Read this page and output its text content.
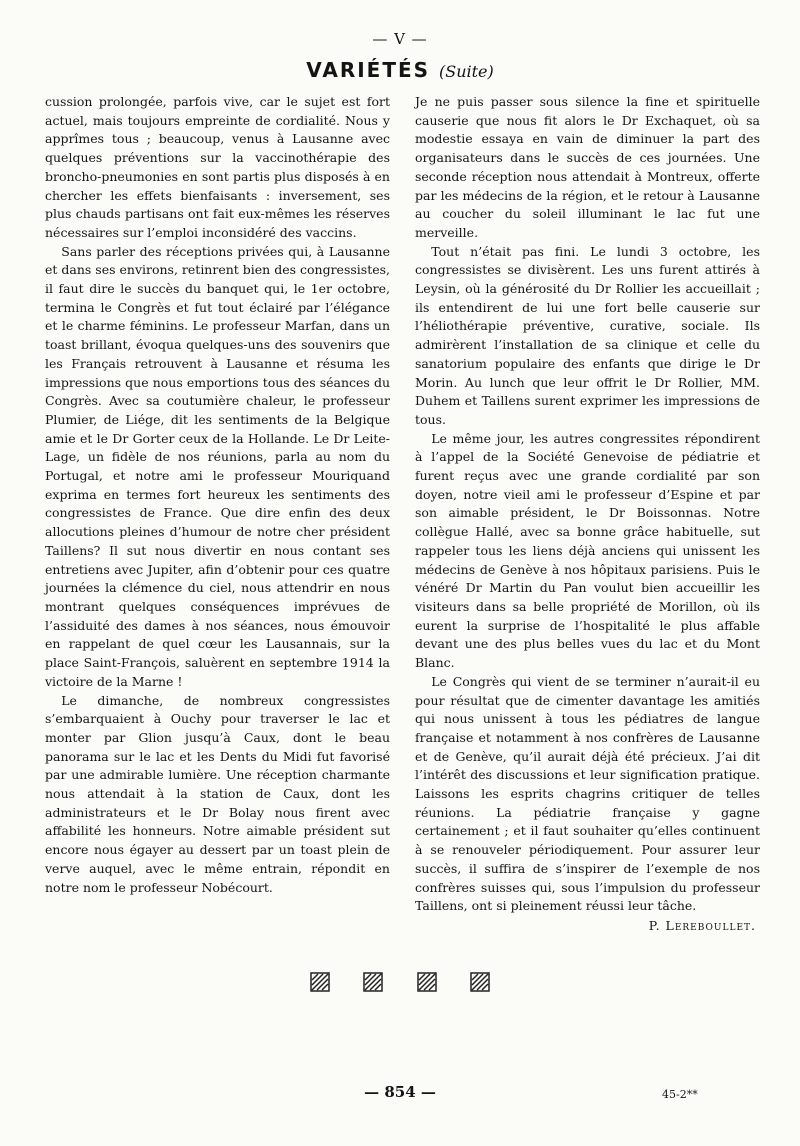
— V —
VARIÉTÉS (Suite)

cussion prolongée, parfois vive, car le sujet est fort actuel, mais toujours empreinte de cordialité. Nous y apprîmes tous ; beaucoup, venus à Lausanne avec quelques préventions sur la vaccinothérapie des broncho-pneumonies en sont partis plus disposés à en chercher les effets bienfaisants : inversement, ses plus chauds partisans ont fait eux-mêmes les réserves nécessaires sur l’emploi inconsidéré des vaccins.

Sans parler des réceptions privées qui, à Lausanne et dans ses environs, retinrent bien des congressistes, il faut dire le succès du banquet qui, le 1er octobre, termina le Congrès et fut tout éclairé par l’élégance et le charme féminins. Le professeur Marfan, dans un toast brillant, évoqua quelques-uns des souvenirs que les Français retrouvent à Lausanne et résuma les impressions que nous emportions tous des séances du Congrès. Avec sa coutumière chaleur, le professeur Plumier, de Liége, dit les sentiments de la Belgique amie et le Dr Gorter ceux de la Hollande. Le Dr Leite-Lage, un fidèle de nos réunions, parla au nom du Portugal, et notre ami le professeur Mouriquand exprima en termes fort heureux les sentiments des congressistes de France. Que dire enfin des deux allocutions pleines d’humour de notre cher président Taillens? Il sut nous divertir en nous contant ses entretiens avec Jupiter, afin d’obtenir pour ces quatre journées la clémence du ciel, nous attendrir en nous montrant quelques conséquences imprévues de l’assiduité des dames à nos séances, nous émouvoir en rappelant de quel cœur les Lausannais, sur la place Saint-François, saluèrent en septembre 1914 la victoire de la Marne !

Le dimanche, de nombreux congressistes s’embarquaient à Ouchy pour traverser le lac et monter par Glion jusqu’à Caux, dont le beau panorama sur le lac et les Dents du Midi fut favorisé par une admirable lumière. Une réception charmante nous attendait à la station de Caux, dont les administrateurs et le Dr Bolay nous firent avec affabilité les honneurs. Notre aimable président sut encore nous égayer au dessert par un toast plein de verve auquel, avec le même entrain, répondit en notre nom le professeur Nobécourt.

Je ne puis passer sous silence la fine et spirituelle causerie que nous fit alors le Dr Exchaquet, où sa modestie essaya en vain de diminuer la part des organisateurs dans le succès de ces journées. Une seconde réception nous attendait à Montreux, offerte par les médecins de la région, et le retour à Lausanne au coucher du soleil illuminant le lac fut une merveille.

Tout n’était pas fini. Le lundi 3 octobre, les congressistes se divisèrent. Les uns furent attirés à Leysin, où la générosité du Dr Rollier les accueillait ; ils entendirent de lui une fort belle causerie sur l’héliothérapie préventive, curative, sociale. Ils admirèrent l’installation de sa clinique et celle du sanatorium populaire des enfants que dirige le Dr Morin. Au lunch que leur offrit le Dr Rollier, MM. Duhem et Taillens surent exprimer les impressions de tous.

Le même jour, les autres congressites répondirent à l’appel de la Société Genevoise de pédiatrie et furent reçus avec une grande cordialité par son doyen, notre vieil ami le professeur d’Espine et par son aimable président, le Dr Boissonnas. Notre collègue Hallé, avec sa bonne grâce habituelle, sut rappeler tous les liens déjà anciens qui unissent les médecins de Genève à nos hôpitaux parisiens. Puis le vénéré Dr Martin du Pan voulut bien accueillir les visiteurs dans sa belle propriété de Morillon, où ils eurent la surprise de l’hospitalité le plus affable devant une des plus belles vues du lac et du Mont Blanc.

Le Congrès qui vient de se terminer n’aurait-il eu pour résultat que de cimenter davantage les amitiés qui nous unissent à tous les pédiatres de langue française et notamment à nos confrères de Lausanne et de Genève, qu’il aurait déjà été précieux. J’ai dit l’intérêt des discussions et leur signification pratique. Laissons les esprits chagrins critiquer de telles réunions. La pédiatrie française y gagne certainement ; et il faut souhaiter qu’elles continuent à se renouveler périodiquement. Pour assurer leur succès, il suffira de s’inspirer de l’exemple de nos confrères suisses qui, sous l’impulsion du professeur Taillens, ont si pleinement réussi leur tâche.

P. Lereboullet.
— 854 —	45-2**
